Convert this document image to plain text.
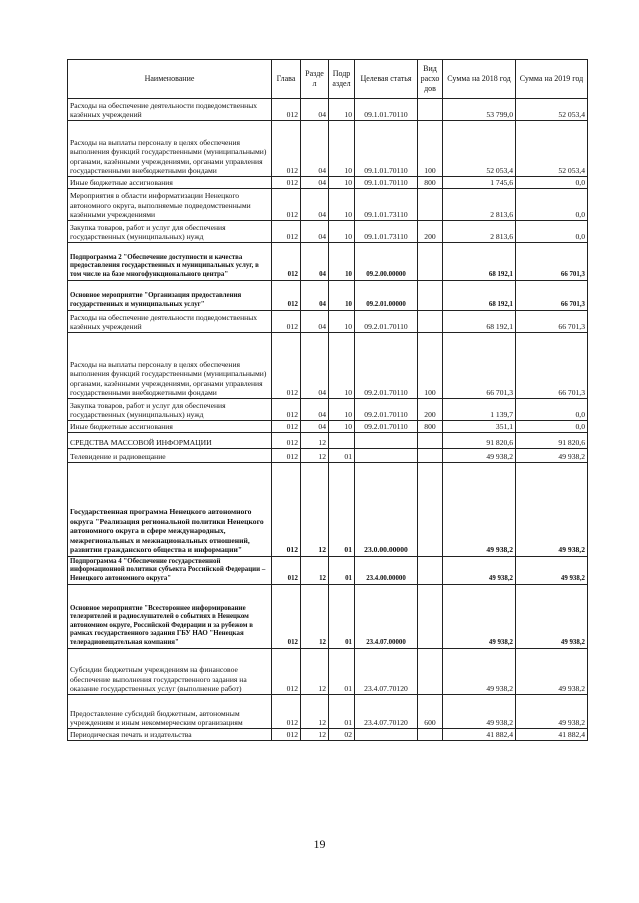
Наименование	Глава	Разде л	Подр аздел	Целевая статья	Вид расхо дов	Сумма на 2018 год	Сумма на 2019 год
Расходы на обеспечение деятельности подведомственных казённых учреждений	012	04	10	09.1.01.70110		53 799,0	52 053,4
Расходы на выплаты персоналу в целях обеспечения выполнения функций государственными (муниципальными) органами, казёнными учреждениями, органами управления государственными внебюджетными фондами	012	04	10	09.1.01.70110	100	52 053,4	52 053,4
Иные бюджетные ассигнования	012	04	10	09.1.01.70110	800	1 745,6	0,0
Мероприятия в области информатизации Ненецкого автономного округа, выполняемые подведомственными казёнными учреждениями	012	04	10	09.1.01.73110		2 813,6	0,0
Закупка товаров, работ и услуг для обеспечения государственных (муниципальных) нужд	012	04	10	09.1.01.73110	200	2 813,6	0,0
Подпрограмма 2 "Обеспечение доступности и качества предоставления государственных и муниципальных услуг, в том числе на базе многофункционального центра"	012	04	10	09.2.00.00000		68 192,1	66 701,3
Основное мероприятие "Организация предоставления государственных и муниципальных услуг"	012	04	10	09.2.01.00000		68 192,1	66 701,3
Расходы на обеспечение деятельности подведомственных казённых учреждений	012	04	10	09.2.01.70110		68 192,1	66 701,3
Расходы на выплаты персоналу в целях обеспечения выполнения функций государственными (муниципальными) органами, казёнными учреждениями, органами управления государственными внебюджетными фондами	012	04	10	09.2.01.70110	100	66 701,3	66 701,3
Закупка товаров, работ и услуг для обеспечения государственных (муниципальных) нужд	012	04	10	09.2.01.70110	200	1 139,7	0,0
Иные бюджетные ассигнования	012	04	10	09.2.01.70110	800	351,1	0,0
СРЕДСТВА МАССОВОЙ ИНФОРМАЦИИ	012	12				91 820,6	91 820,6
Телевидение и радиовещание	012	12	01			49 938,2	49 938,2
Государственная программа Ненецкого автономного округа "Реализация региональной политики Ненецкого автономного округа в сфере международных, межрегиональных и межнациональных отношений, развитии гражданского общества и информации"	012	12	01	23.0.00.00000		49 938,2	49 938,2
Подпрограмма 4 "Обеспечение государственной информационной политики субъекта Российской Федерации – Ненецкого автономного округа"	012	12	01	23.4.00.00000		49 938,2	49 938,2
Основное мероприятие "Всестороннее информирование телезрителей и радиослушателей о событиях в Ненецком автономном округе, Российской Федерации и за рубежом в рамках государственного задания ГБУ НАО "Ненецкая телерадиовещательная компания"	012	12	01	23.4.07.00000		49 938,2	49 938,2
Субсидии бюджетным учреждениям на финансовое обеспечение выполнения государственного задания на оказание государственных услуг (выполнение работ)	012	12	01	23.4.07.70120		49 938,2	49 938,2
Предоставление субсидий бюджетным, автономным учреждениям и иным некоммерческим организациям	012	12	01	23.4.07.70120	600	49 938,2	49 938,2
Периодическая печать и издательства	012	12	02			41 882,4	41 882,4
19
